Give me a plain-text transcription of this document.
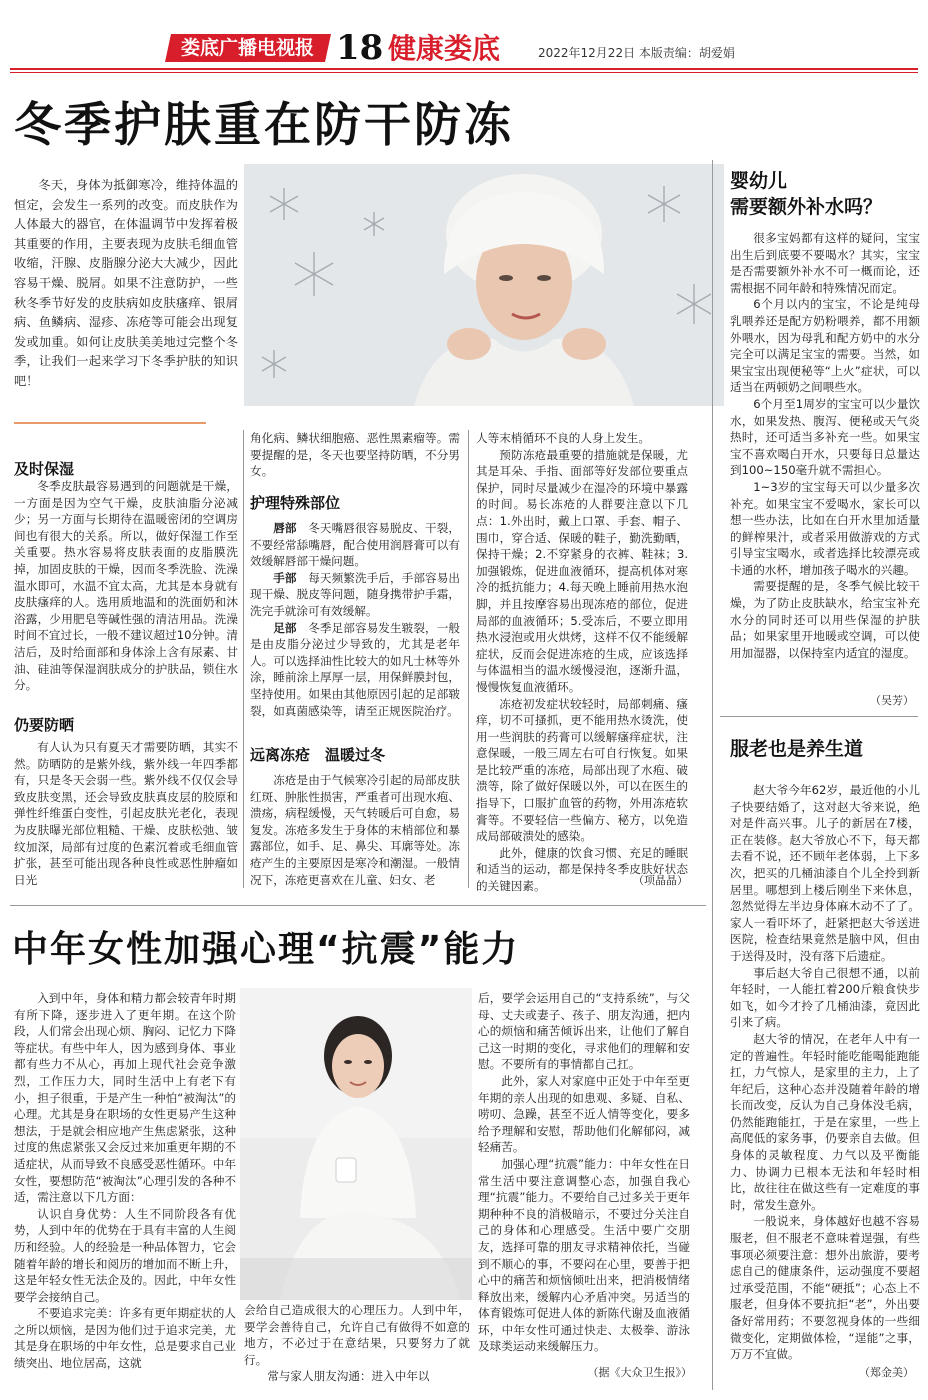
娄底广播电视报 18 健康娄底	2022年12月22日 本版责编：胡爱娟
冬季护肤重在防干防冻
冬天，身体为抵御寒冷，维持体温的恒定，会发生一系列的改变。而皮肤作为人体最大的器官，在体温调节中发挥着极其重要的作用，主要表现为皮肤毛细血管收缩，汗腺、皮脂腺分泌大大减少，因此容易干燥、脱屑。如果不注意防护，一些秋冬季节好发的皮肤病如皮肤瘙痒、银屑病、鱼鳞病、湿疹、冻疮等可能会出现复发或加重。如何让皮肤美美地过完整个冬季，让我们一起来学习下冬季护肤的知识吧！
及时保湿

冬季皮肤最容易遇到的问题就是干燥，一方面是因为空气干燥，皮肤油脂分泌减少；另一方面与长期待在温暖密闭的空调房间也有很大的关系。所以，做好保湿工作至关重要。热水容易将皮肤表面的皮脂膜洗掉，加固皮肤的干燥，因而冬季洗脸、洗澡温水即可，水温不宜太高，尤其是本身就有皮肤瘙痒的人。选用质地温和的洗面奶和沐浴露，少用肥皂等碱性强的清洁用品。洗澡时间不宜过长，一般不建议超过10分钟。清洁后，及时给面部和身体涂上含有尿素、甘油、硅油等保湿润肤成分的护肤品，锁住水分。

仍要防晒

有人认为只有夏天才需要防晒，其实不然。防晒防的是紫外线，紫外线一年四季都有，只是冬天会弱一些。紫外线不仅仅会导致皮肤变黑，还会导致皮肤真皮层的胶原和弹性纤维蛋白变性，引起皮肤光老化，表现为皮肤曝光部位粗糙、干燥、皮肤松弛、皱纹加深，局部有过度的色素沉着或毛细血管扩张，甚至可能出现各种良性或恶性肿瘤如日光

角化病、鳞状细胞癌、恶性黑素瘤等。需要提醒的是，冬天也要坚持防晒，不分男女。

护理特殊部位

唇部　 冬天嘴唇很容易脱皮、干裂，不要经常舔嘴唇，配合使用润唇膏可以有效缓解唇部干燥问题。

手部　 每天频繁洗手后，手部容易出现干燥、脱皮等问题，随身携带护手霜，洗完手就涂可有效缓解。

足部　 冬季足部容易发生皲裂，一般是由皮脂分泌过少导致的，尤其是老年人。可以选择油性比较大的如凡士林等外涂，睡前涂上厚厚一层，用保鲜膜封包，坚持使用。如果由其他原因引起的足部皲裂，如真菌感染等，请至正规医院治疗。

远离冻疮　温暖过冬

冻疮是由于气候寒冷引起的局部皮肤红斑、肿胀性损害，严重者可出现水疱、溃疡，病程缓慢，天气转暖后可自愈，易复发。冻疮多发生于身体的末梢部位和暴露部位，如手、足、鼻尖、耳廓等处。冻疮产生的主要原因是寒冷和潮湿。一般情况下，冻疮更喜欢在儿童、妇女、老

人等末梢循环不良的人身上发生。

预防冻疮最重要的措施就是保暖，尤其是耳朵、手指、面部等好发部位要重点保护，同时尽量减少在湿冷的环境中暴露的时间。易长冻疮的人群要注意以下几点：1.外出时，戴上口罩、手套、帽子、围巾，穿合适、保暖的鞋子，勤洗勤晒，保持干燥；2.不穿紧身的衣裤、鞋袜；3.加强锻炼，促进血液循环，提高机体对寒冷的抵抗能力；4.每天晚上睡前用热水泡脚，并且按摩容易出现冻疮的部位，促进局部的血液循环；5.受冻后，不要立即用热水浸泡或用火烘烤，这样不仅不能缓解症状，反而会促进冻疮的生成，应该选择与体温相当的温水缓慢浸泡，逐渐升温，慢慢恢复血液循环。

冻疮初发症状较轻时，局部刺痛、瘙痒，切不可搔抓，更不能用热水烫洗，使用一些润肤的药膏可以缓解瘙痒症状，注意保暖，一般三周左右可自行恢复。如果是比较严重的冻疮，局部出现了水疱、破溃等，除了做好保暖以外，可以在医生的指导下，口服扩血管的药物，外用冻疮软膏等。不要轻信一些偏方、秘方，以免造成局部破溃处的感染。

此外，健康的饮食习惯、充足的睡眠和适当的运动，都是保持冬季皮肤好状态的关键因素。	（项晶晶）
婴幼儿
需要额外补水吗？

很多宝妈都有这样的疑问，宝宝出生后到底要不要喝水？其实，宝宝是否需要额外补水不可一概而论，还需根据不同年龄和特殊情况而定。

6个月以内的宝宝，不论是纯母乳喂养还是配方奶粉喂养，都不用额外喂水，因为母乳和配方奶中的水分完全可以满足宝宝的需要。当然，如果宝宝出现便秘等“上火”症状，可以适当在两顿奶之间喂些水。

6个月至1周岁的宝宝可以少量饮水，如果发热、腹泻、便秘或天气炎热时，还可适当多补充一些。如果宝宝不喜欢喝白开水，只要每日总量达到100~150毫升就不需担心。

1~3岁的宝宝每天可以少量多次补充。如果宝宝不爱喝水，家长可以想一些办法，比如在白开水里加适量的鲜榨果汁，或者采用做游戏的方式引导宝宝喝水，或者选择比较漂亮或卡通的水杯，增加孩子喝水的兴趣。

需要提醒的是，冬季气候比较干燥，为了防止皮肤缺水，给宝宝补充水分的同时还可以用些保湿的护肤品；如果家里开地暖或空调，可以使用加湿器，以保持室内适宜的湿度。

（吴芳）
服老也是养生道

赵大爷今年62岁，最近他的小儿子快要结婚了，这对赵大爷来说，绝对是件高兴事。儿子的新居在7楼，正在装修。赵大爷放心不下，每天都去看不说，还不顾年老体弱，上下多次，把买的几桶油漆自个儿全拎到新居里。哪想到上楼后刚坐下来休息，忽然觉得左半边身体麻木动不了了。家人一看吓坏了，赶紧把赵大爷送进医院，检查结果竟然是脑中风，但由于送得及时，没有落下后遗症。

事后赵大爷自己很想不通，以前年轻时，一人能扛着200斤粮食快步如飞，如今才拎了几桶油漆，竟因此引来了病。

赵大爷的情况，在老年人中有一定的普遍性。年轻时能吃能喝能跑能扛，力气惊人，是家里的主力，上了年纪后，这种心态并没随着年龄的增长而改变，反认为自己身体没毛病，仍然能跑能扛，于是在家里，一些上高爬低的家务事，仍要亲自去做。但身体的灵敏程度、力气以及平衡能力、协调力已根本无法和年轻时相比，故往往在做这些有一定难度的事时，常发生意外。

一般说来，身体越好也越不容易服老，但不服老不意味着逞强，有些事项必须要注意：想外出旅游，要考虑自己的健康条件，运动强度不要超过承受范围，不能“硬抵”；心态上不服老，但身体不要抗拒“老”，外出要备好常用药；不要忽视身体的一些细微变化，定期做体检，“逞能”之事，万万不宜做。

（郑金美）
中年女性加强心理“抗震”能力

入到中年，身体和精力都会较青年时期有所下降，逐步进入了更年期。在这个阶段，人们常会出现心烦、胸闷、记忆力下降等症状。有些中年人，因为感到身体、事业都有些力不从心，再加上现代社会竞争激烈，工作压力大，同时生活中上有老下有小，担子很重，于是产生一种怕“被淘汰”的心理。尤其是身在职场的女性更易产生这种想法，于是就会相应地产生焦虑紧张，这种过度的焦虑紧张又会反过来加重更年期的不适症状，从而导致不良感受恶性循环。中年女性，要想防范“被淘汰”心理引发的各种不适，需注意以下几方面：

认识自身优势：人生不同阶段各有优势，人到中年的优势在于具有丰富的人生阅历和经验。人的经验是一种品体智力，它会随着年龄的增长和阅历的增加而不断上升，这是年轻女性无法企及的。因此，中年女性要学会接纳自己。

不要追求完美：许多有更年期症状的人之所以烦恼，是因为他们过于追求完美，尤其是身在职场的中年女性，总是要求自己业绩突出、地位居高，这就

会给自己造成很大的心理压力。人到中年，要学会善待自己，允许自己有做得不如意的地方，不必过于在意结果，只要努力了就行。

常与家人朋友沟通：进入中年以

后，要学会运用自己的“支持系统”，与父母、丈夫或妻子、孩子、朋友沟通，把内心的烦恼和痛苦倾诉出来，让他们了解自己这一时期的变化，寻求他们的理解和安慰。不要所有的事情都自己扛。

此外，家人对家庭中正处于中年至更年期的亲人出现的如患观、多疑、自私、唠叨、急躁，甚至不近人情等变化，要多给予理解和安慰，帮助他们化解郁闷，减轻痛苦。

加强心理“抗震”能力：中年女性在日常生活中要注意调整心态，加强自我心理“抗震”能力。不要给自己过多关于更年期种种不良的消极暗示，不要过分关注自己的身体和心理感受。生活中要广交朋友，选择可靠的朋友寻求精神依托，当碰到不顺心的事，不要闷在心里，要善于把心中的痛苦和烦恼倾吐出来，把消极情绪释放出来，缓解内心矛盾冲突。另适当的体育锻炼可促进人体的新陈代谢及血液循环，中年女性可通过快走、太极拳、游泳及球类运动来缓解压力。

（据《大众卫生报》）
